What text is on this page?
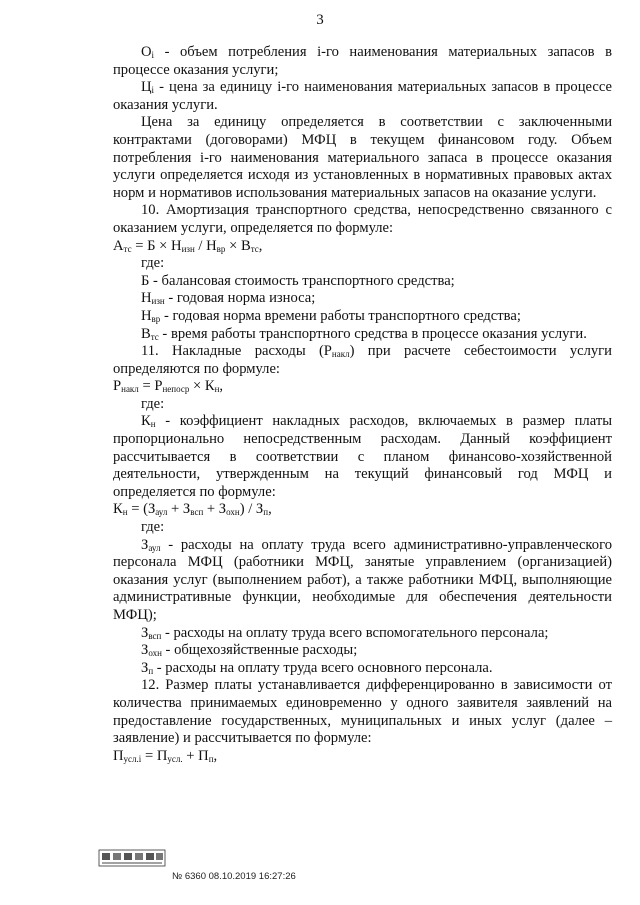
3

$O_i$ - объем потребления i-го наименования материальных запасов в процессе оказания услуги;

$Ц_i$ - цена за единицу i-го наименования материальных запасов в процессе оказания услуги.

Цена за единицу определяется в соответствии с заключенными контрактами (договорами) МФЦ в текущем финансовом году. Объем потребления i-го наименования материального запаса в процессе оказания услуги определяется исходя из установленных в нормативных правовых актах норм и нормативов использования материальных запасов на оказание услуги.

10. Амортизация транспортного средства, непосредственно связанного с оказанием услуги, определяется по формуле:

$А_{тс} = Б \times Н_{изн} / Н_{вр} \times В_{тс}$,

где:

Б - балансовая стоимость транспортного средства;

$Н_{изн}$ - годовая норма износа;

$Н_{вр}$ - годовая норма времени работы транспортного средства;

$В_{тс}$ - время работы транспортного средства в процессе оказания услуги.

11. Накладные расходы $(Р_{накл})$ при расчете себестоимости услуги определяются по формуле:

$Р_{накл} = Р_{непоср} \times К_н$,

где:

$К_н$ - коэффициент накладных расходов, включаемых в размер платы пропорционально непосредственным расходам. Данный коэффициент рассчитывается в соответствии с планом финансово-хозяйственной деятельности, утвержденным на текущий финансовый год МФЦ и определяется по формуле:

$К_н = (З_{аул} + З_{всп} + З_{охн}) / З_п$,

где:

$З_{аул}$ - расходы на оплату труда всего административно-управленческого персонала МФЦ (работники МФЦ, занятые управлением (организацией) оказания услуг (выполнением работ), а также работники МФЦ, выполняющие административные функции, необходимые для обеспечения деятельности МФЦ);

$З_{всп}$ - расходы на оплату труда всего вспомогательного персонала;

$З_{охн}$ - общехозяйственные расходы;

$З_п$ - расходы на оплату труда всего основного персонала.

12. Размер платы устанавливается дифференцированно в зависимости от количества принимаемых единовременно у одного заявителя заявлений на предоставление государственных, муниципальных и иных услуг (далее – заявление) и рассчитывается по формуле:

$П_{усл.i} = П_{усл.} + П_п$,

№ 6360 08.10.2019 16:27:26
